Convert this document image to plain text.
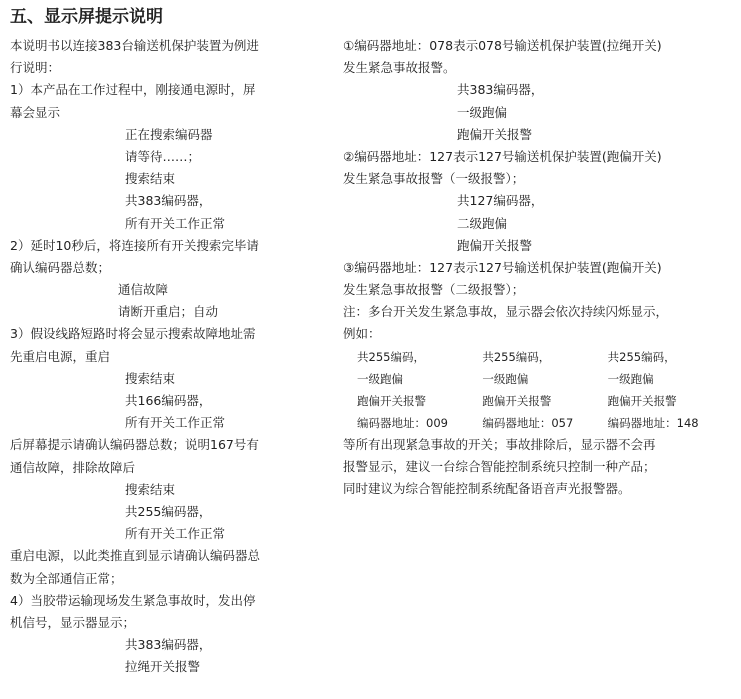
五、显示屏提示说明
本说明书以连接383台输送机保护装置为例进
行说明：
1）本产品在工作过程中，刚接通电源时，屏
幕会显示
正在搜索编码器
请等待……；
搜索结束
共383编码器，
所有开关工作正常
2）延时10秒后，将连接所有开关搜索完毕请
确认编码器总数；
通信故障
请断开重启；自动
3）假设线路短路时将会显示搜索故障地址需
先重启电源，重启
搜索结束
共166编码器，
所有开关工作正常
后屏幕提示请确认编码器总数；说明167号有
通信故障，排除故障后
搜索结束
共255编码器，
所有开关工作正常
重启电源，以此类推直到显示请确认编码器总
数为全部通信正常；
4）当胶带运输现场发生紧急事故时，发出停
机信号，显示器显示；
共383编码器，
拉绳开关报警
①编码器地址：078表示078号输送机保护装置(拉绳开关)
发生紧急事故报警。
共383编码器，
一级跑偏
跑偏开关报警
②编码器地址：127表示127号输送机保护装置(跑偏开关)
发生紧急事故报警（一级报警）；
共127编码器，
二级跑偏
跑偏开关报警
③编码器地址：127表示127号输送机保护装置(跑偏开关)
发生紧急事故报警（二级报警）；
注：多台开关发生紧急事故，显示器会依次持续闪烁显示，
例如：
共255编码，
一级跑偏
跑偏开关报警
编码器地址：009
共255编码，
一级跑偏
跑偏开关报警
编码器地址：057
共255编码，
一级跑偏
跑偏开关报警
编码器地址：148
等所有出现紧急事故的开关；事故排除后，显示器不会再
报警显示，建议一台综合智能控制系统只控制一种产品；
同时建议为综合智能控制系统配备语音声光报警器。
